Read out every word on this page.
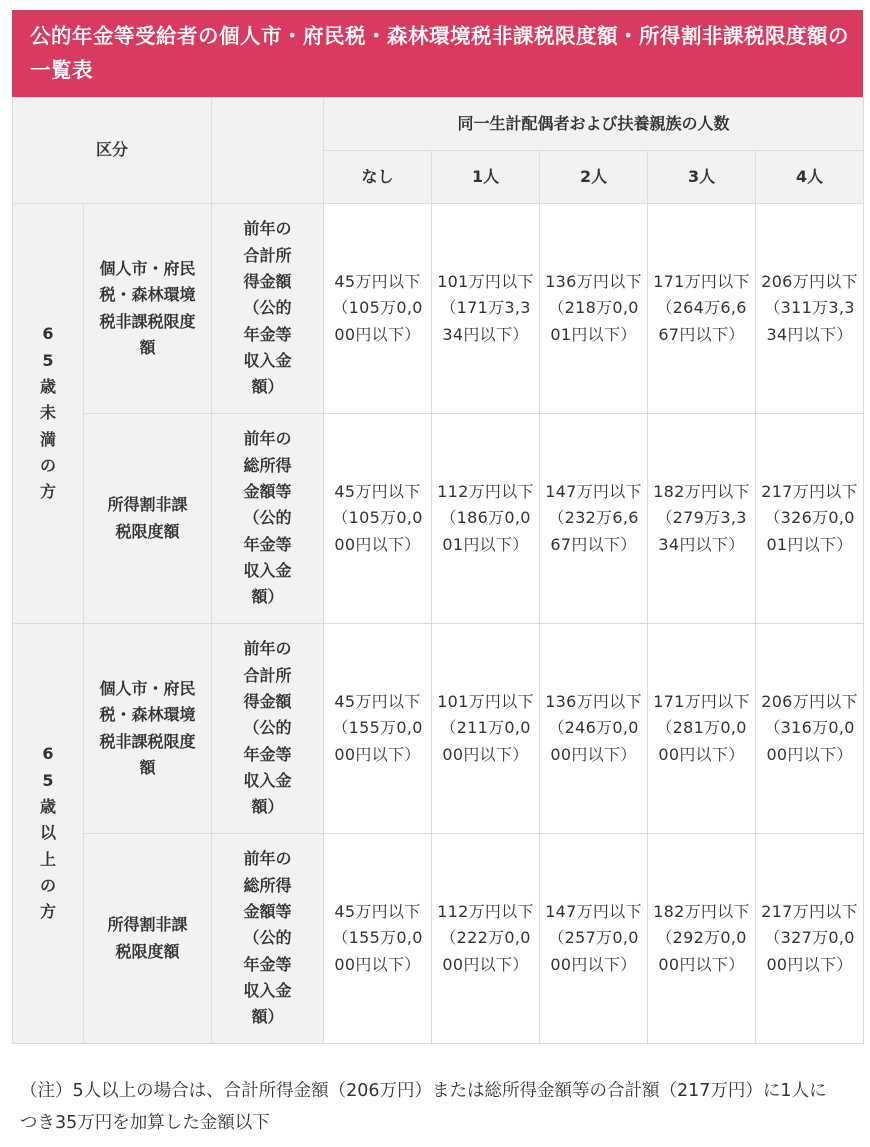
公的年金等受給者の個人市・府民税・森林環境税非課税限度額・所得割非課税限度額の一覧表
区分			同一生計配偶者および扶養親族の人数				
			なし	1人	2人	3人	4人
65歳未満の方	個人市・府民税・森林環境税非課税限度額	前年の合計所得金額（公的年金等収入金額）	45万円以下（105万0,000円以下）	101万円以下（171万3,334円以下）	136万円以下（218万0,001円以下）	171万円以下（264万6,667円以下）	206万円以下（311万3,334円以下）
	所得割非課税限度額	前年の総所得金額等（公的年金等収入金額）	45万円以下（105万0,000円以下）	112万円以下（186万0,001円以下）	147万円以下（232万6,667円以下）	182万円以下（279万3,334円以下）	217万円以下（326万0,001円以下）
65歳以上の方	個人市・府民税・森林環境税非課税限度額	前年の合計所得金額（公的年金等収入金額）	45万円以下（155万0,000円以下）	101万円以下（211万0,000円以下）	136万円以下（246万0,000円以下）	171万円以下（281万0,000円以下）	206万円以下（316万0,000円以下）
	所得割非課税限度額	前年の総所得金額等（公的年金等収入金額）	45万円以下（155万0,000円以下）	112万円以下（222万0,000円以下）	147万円以下（257万0,000円以下）	182万円以下（292万0,000円以下）	217万円以下（327万0,000円以下）
（注）5人以上の場合は、合計所得金額（206万円）または総所得金額等の合計額（217万円）に1人につき35万円を加算した金額以下
